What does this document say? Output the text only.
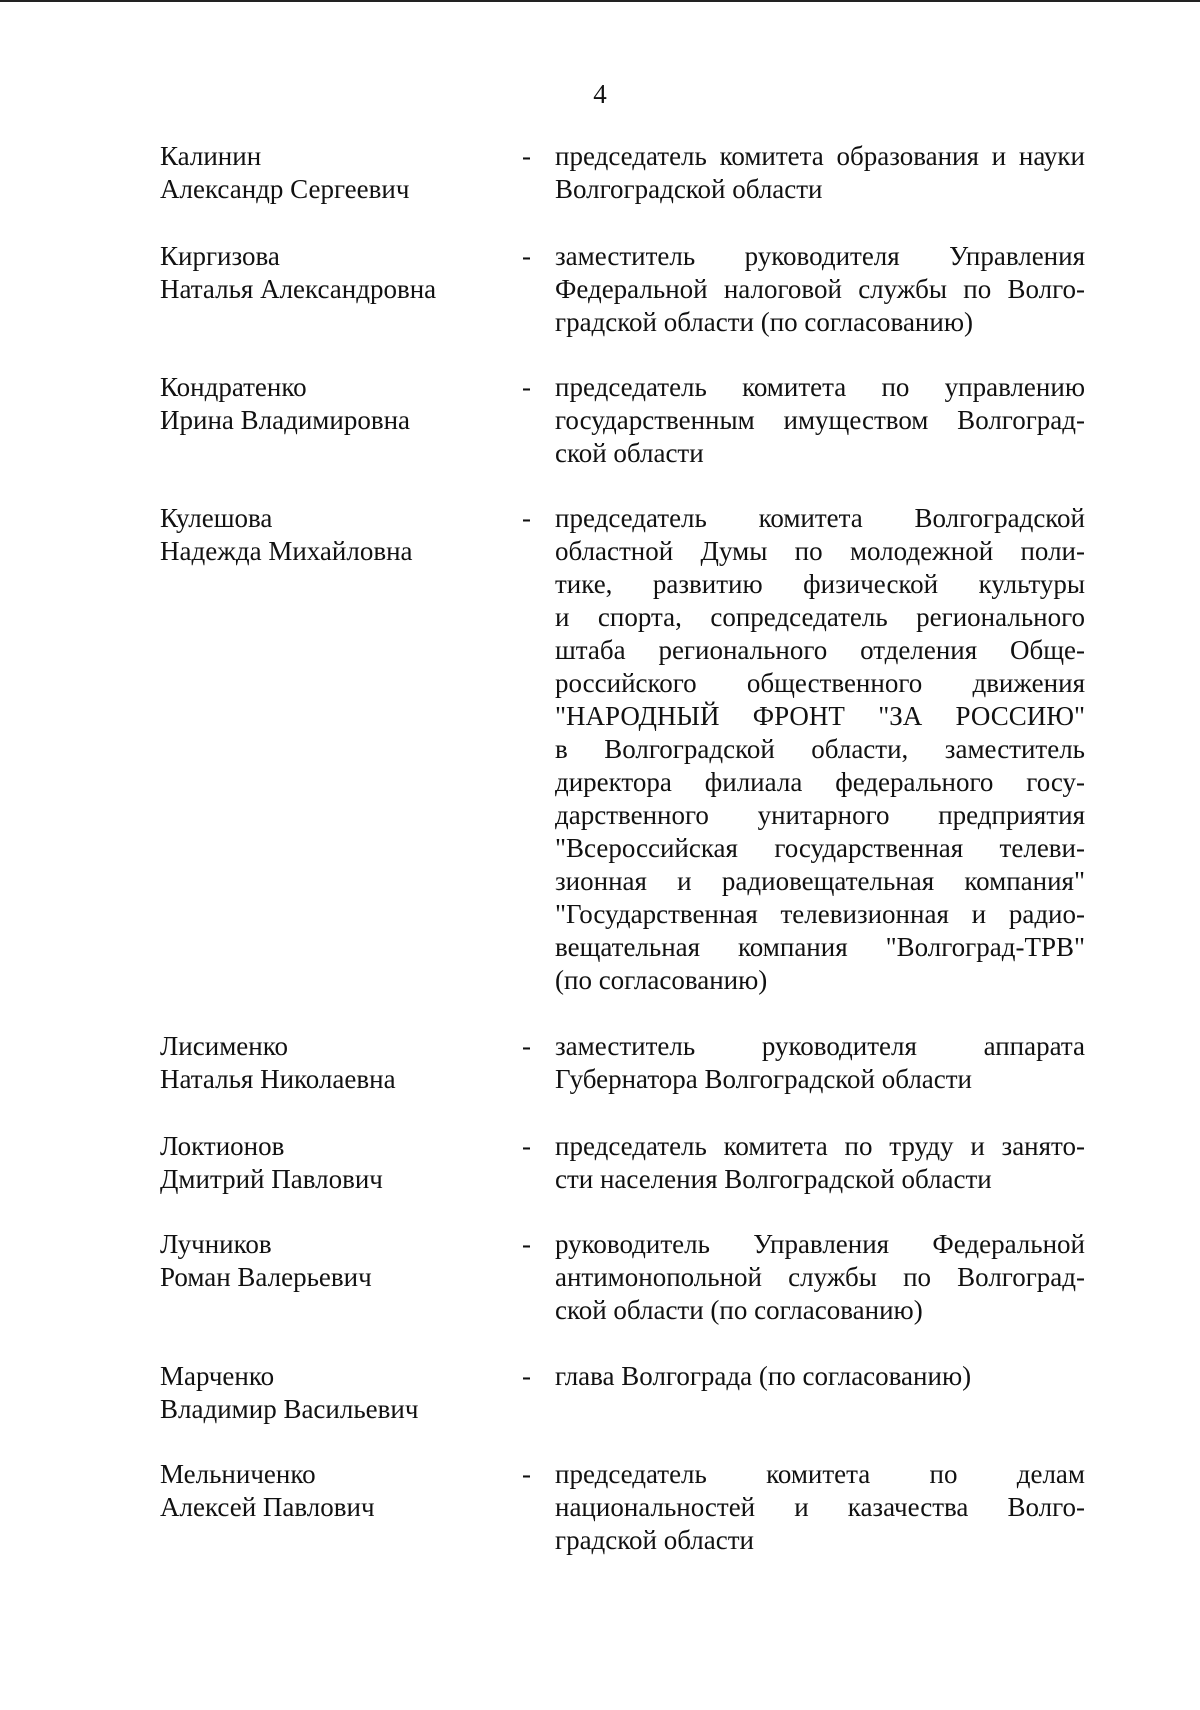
4
Калинин
Александр Сергеевич
- председатель комитета образования и науки
Волгоградской области
Киргизова
Наталья Александровна
- заместитель руководителя Управления
Федеральной налоговой службы по Волго-
градской области (по согласованию)
Кондратенко
Ирина Владимировна
- председатель комитета по управлению
государственным имуществом Волгоград-
ской области
Кулешова
Надежда Михайловна
- председатель комитета Волгоградской
областной Думы по молодежной поли-
тике, развитию физической культуры
и спорта, сопредседатель регионального
штаба регионального отделения Обще-
российского общественного движения
"НАРОДНЫЙ ФРОНТ "ЗА РОССИЮ"
в Волгоградской области, заместитель
директора филиала федерального госу-
дарственного унитарного предприятия
"Всероссийская государственная телеви-
зионная и радиовещательная компания"
"Государственная телевизионная и радио-
вещательная компания "Волгоград-ТРВ"
(по согласованию)
Лисименко
Наталья Николаевна
- заместитель руководителя аппарата
Губернатора Волгоградской области
Локтионов
Дмитрий Павлович
- председатель комитета по труду и занято-
сти населения Волгоградской области
Лучников
Роман Валерьевич
- руководитель Управления Федеральной
антимонопольной службы по Волгоград-
ской области (по согласованию)
Марченко
Владимир Васильевич
- глава Волгограда (по согласованию)
Мельниченко
Алексей Павлович
- председатель комитета по делам
национальностей и казачества Волго-
градской области
